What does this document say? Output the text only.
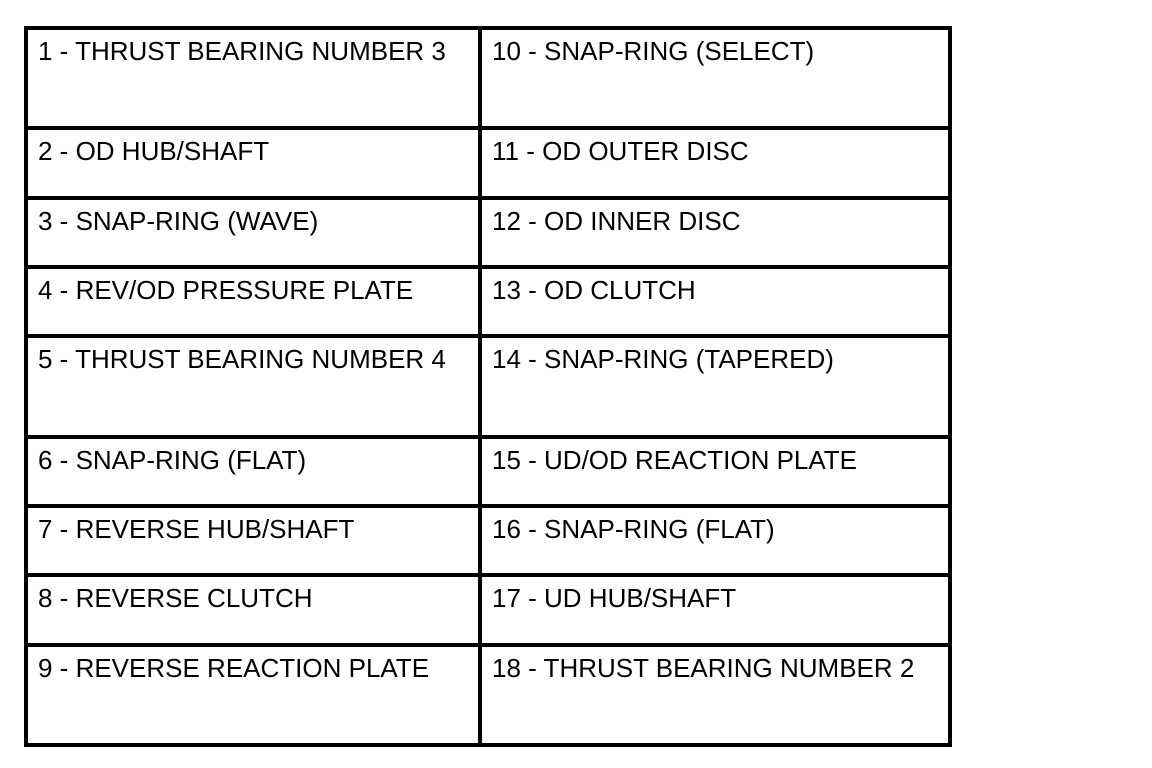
1 - THRUST BEARING NUMBER 3	10 - SNAP-RING (SELECT)
2 - OD HUB/SHAFT	11 - OD OUTER DISC
3 - SNAP-RING (WAVE)	12 - OD INNER DISC
4 - REV/OD PRESSURE PLATE	13 - OD CLUTCH
5 - THRUST BEARING NUMBER 4	14 - SNAP-RING (TAPERED)
6 - SNAP-RING (FLAT)	15 - UD/OD REACTION PLATE
7 - REVERSE HUB/SHAFT	16 - SNAP-RING (FLAT)
8 - REVERSE CLUTCH	17 - UD HUB/SHAFT
9 - REVERSE REACTION PLATE	18 - THRUST BEARING NUMBER 2
